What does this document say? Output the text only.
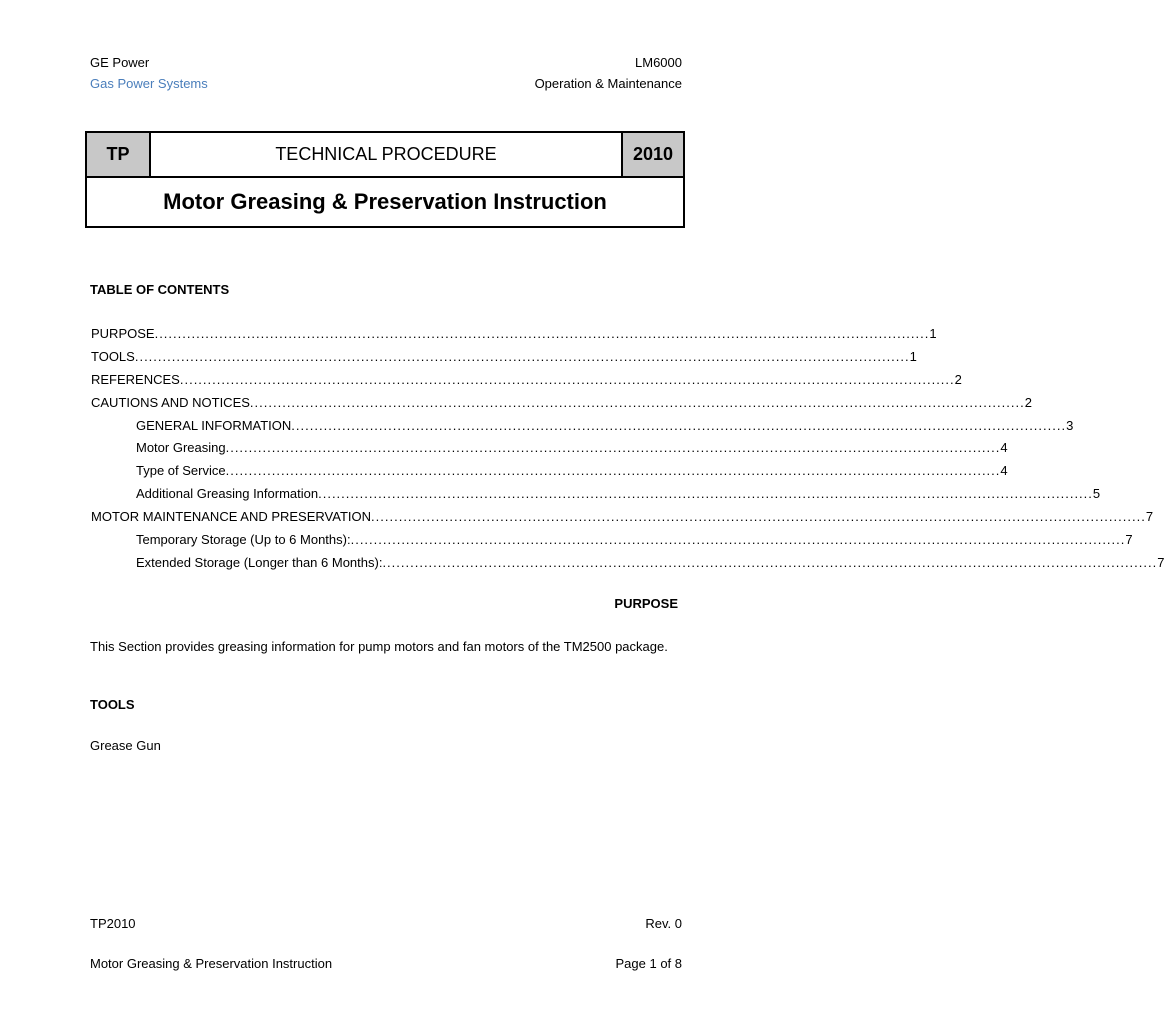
GE Power
Gas Power Systems
LM6000
Operation & Maintenance
TP	TECHNICAL PROCEDURE	2010
Motor Greasing & Preservation Instruction
TABLE OF CONTENTS
PURPOSE ........................................................................................................................................................................ 1
TOOLS ........................................................................................................................................................................ 1
REFERENCES ........................................................................................................................................................................ 2
CAUTIONS AND NOTICES ........................................................................................................................................................................ 2
GENERAL INFORMATION ........................................................................................................................................................................ 3
Motor Greasing ........................................................................................................................................................................ 4
Type of Service ........................................................................................................................................................................ 4
Additional Greasing Information ........................................................................................................................................................................ 5
MOTOR MAINTENANCE AND PRESERVATION ........................................................................................................................................................................ 7
Temporary Storage (Up to 6 Months): ........................................................................................................................................................................ 7
Extended Storage (Longer than 6 Months): ........................................................................................................................................................................ 7
PURPOSE
This Section provides greasing information for pump motors and fan motors of the TM2500 package.
TOOLS
Grease Gun
TP2010	Rev. 0
Motor Greasing & Preservation Instruction	Page 1 of 8
